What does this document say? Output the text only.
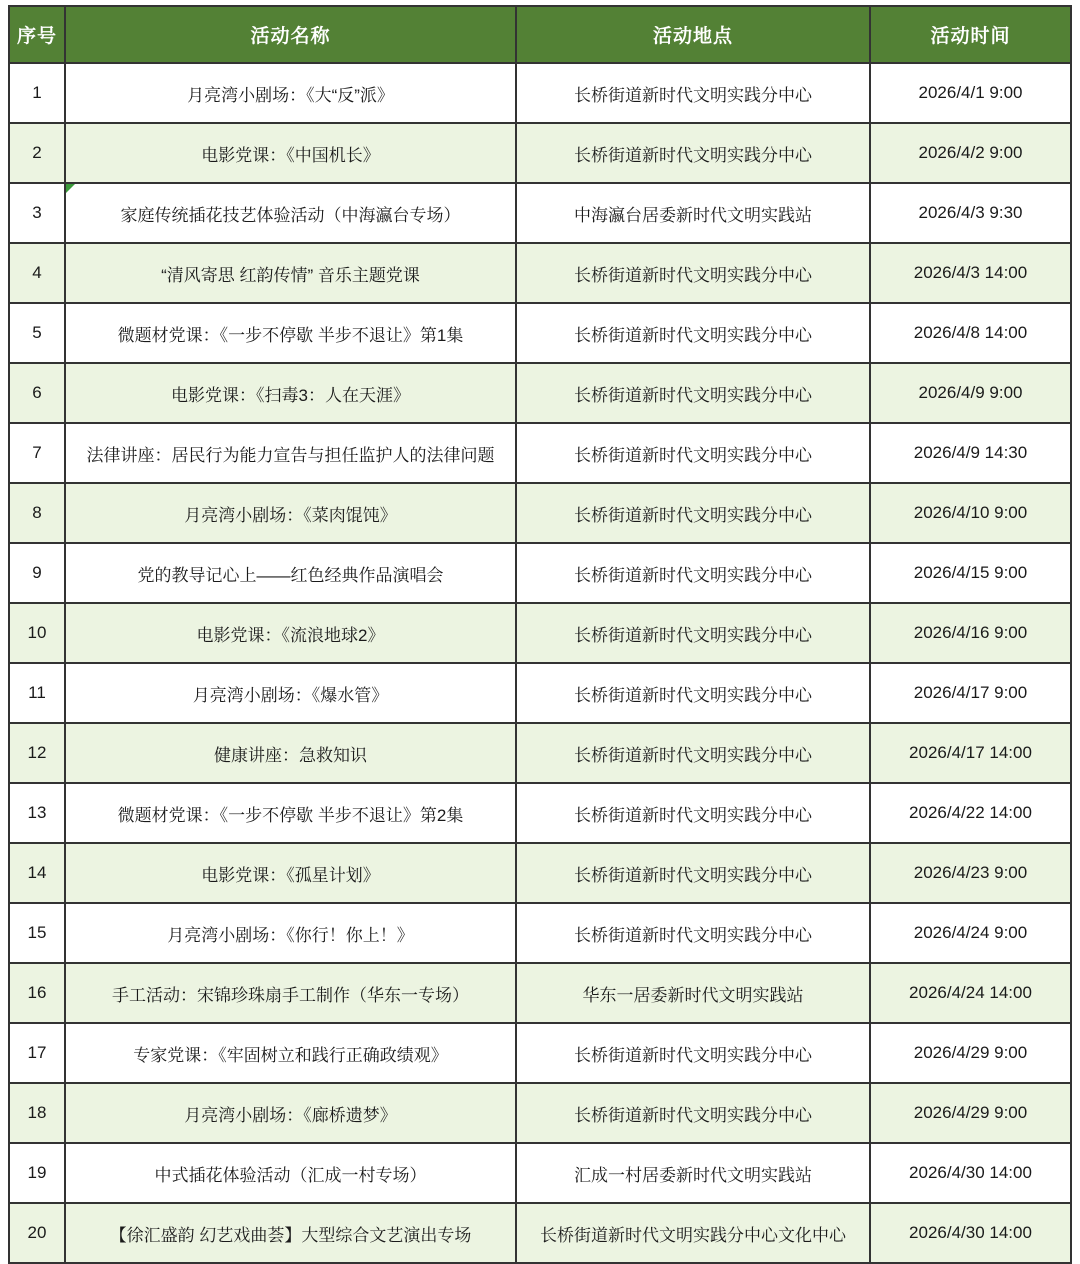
序号	活动名称	活动地点	活动时间
1	月亮湾小剧场：《大“反”派》	长桥街道新时代文明实践分中心	2026/4/1 9:00
2	电影党课：《中国机长》	长桥街道新时代文明实践分中心	2026/4/2 9:00
3	家庭传统插花技艺体验活动（中海瀛台专场）	中海瀛台居委新时代文明实践站	2026/4/3 9:30
4	“清风寄思 红韵传情” 音乐主题党课	长桥街道新时代文明实践分中心	2026/4/3 14:00
5	微题材党课：《一步不停歇 半步不退让》第1集	长桥街道新时代文明实践分中心	2026/4/8 14:00
6	电影党课：《扫毒3：人在天涯》	长桥街道新时代文明实践分中心	2026/4/9 9:00
7	法律讲座：居民行为能力宣告与担任监护人的法律问题	长桥街道新时代文明实践分中心	2026/4/9 14:30
8	月亮湾小剧场：《菜肉馄饨》	长桥街道新时代文明实践分中心	2026/4/10 9:00
9	党的教导记心上——红色经典作品演唱会	长桥街道新时代文明实践分中心	2026/4/15 9:00
10	电影党课：《流浪地球2》	长桥街道新时代文明实践分中心	2026/4/16 9:00
11	月亮湾小剧场：《爆水管》	长桥街道新时代文明实践分中心	2026/4/17 9:00
12	健康讲座：急救知识	长桥街道新时代文明实践分中心	2026/4/17 14:00
13	微题材党课：《一步不停歇 半步不退让》第2集	长桥街道新时代文明实践分中心	2026/4/22 14:00
14	电影党课：《孤星计划》	长桥街道新时代文明实践分中心	2026/4/23 9:00
15	月亮湾小剧场：《你行！你上！》	长桥街道新时代文明实践分中心	2026/4/24 9:00
16	手工活动：宋锦珍珠扇手工制作（华东一专场）	华东一居委新时代文明实践站	2026/4/24 14:00
17	专家党课：《牢固树立和践行正确政绩观》	长桥街道新时代文明实践分中心	2026/4/29 9:00
18	月亮湾小剧场：《廊桥遗梦》	长桥街道新时代文明实践分中心	2026/4/29 9:00
19	中式插花体验活动（汇成一村专场）	汇成一村居委新时代文明实践站	2026/4/30 14:00
20	【徐汇盛韵 幻艺戏曲荟】大型综合文艺演出专场	长桥街道新时代文明实践分中心文化中心	2026/4/30 14:00
